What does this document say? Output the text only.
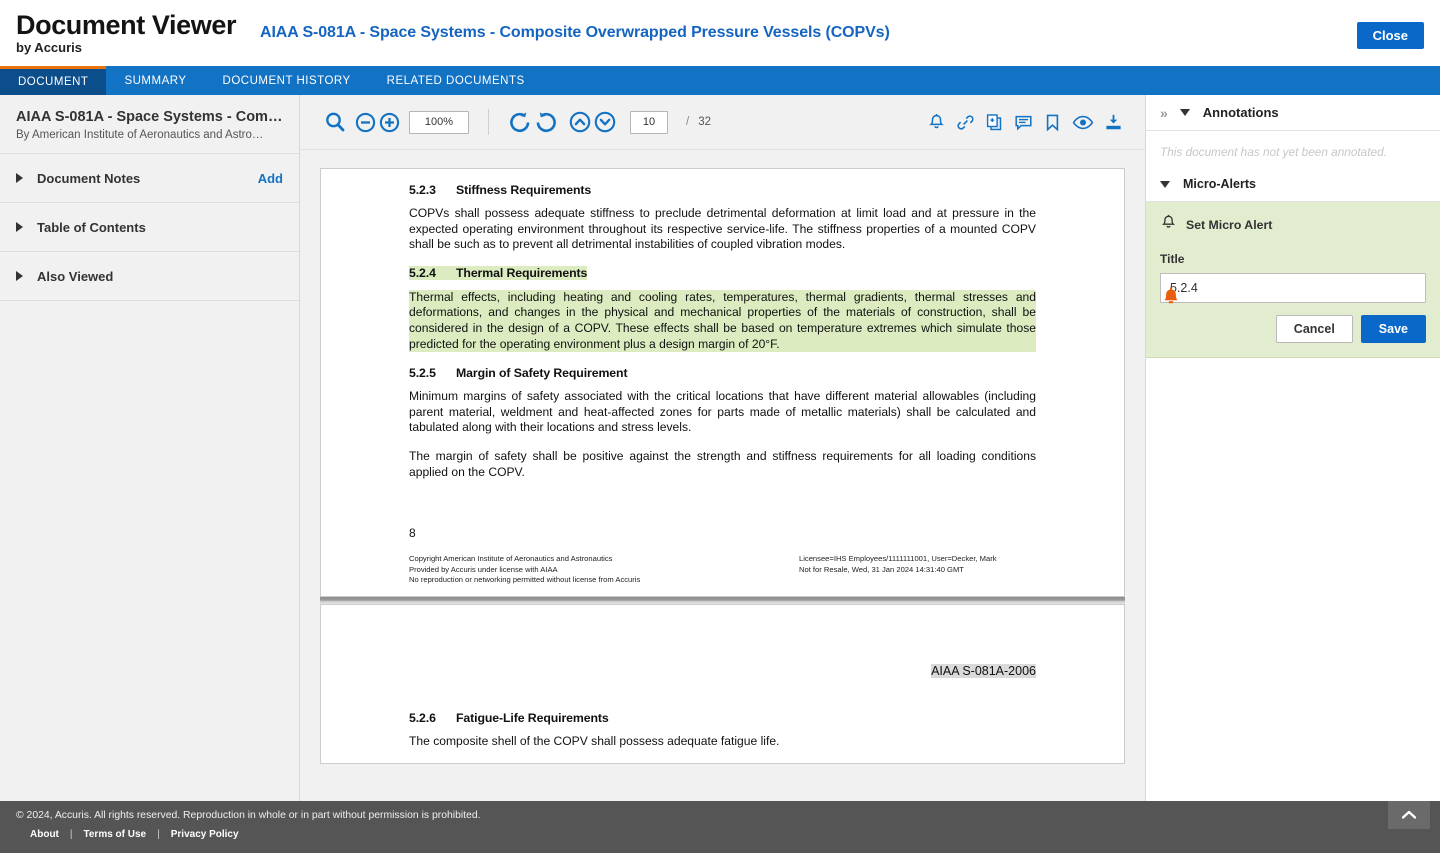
Document Viewer
by Accuris
AIAA S-081A - Space Systems - Composite Overwrapped Pressure Vessels (COPVs)	Close
DOCUMENT	SUMMARY	DOCUMENT HISTORY	RELATED DOCUMENTS
AIAA S-081A - Space Systems - Com…
By American Institute of Aeronautics and Astro…
Document Notes	Add
Table of Contents
Also Viewed
100%
10
/ 32
5.2.3 Stiffness Requirements

COPVs shall possess adequate stiffness to preclude detrimental deformation at limit load and at pressure in the expected operating environment throughout its respective service-life. The stiffness properties of a mounted COPV shall be such as to prevent all detrimental instabilities of coupled vibration modes.

5.2.4 Thermal Requirements

Thermal effects, including heating and cooling rates, temperatures, thermal gradients, thermal stresses and deformations, and changes in the physical and mechanical properties of the materials of construction, shall be considered in the design of a COPV. These effects shall be based on temperature extremes which simulate those predicted for the operating environment plus a design margin of 20°F.

5.2.5 Margin of Safety Requirement

Minimum margins of safety associated with the critical locations that have different material allowables (including parent material, weldment and heat-affected zones for parts made of metallic materials) shall be calculated and tabulated along with their locations and stress levels.

The margin of safety shall be positive against the strength and stiffness requirements for all loading conditions applied on the COPV.

8
Copyright American Institute of Aeronautics and Astronautics
Provided by Accuris under license with AIAA
No reproduction or networking permitted without license from Accuris
Licensee=IHS Employees/1111111001, User=Decker, Mark
Not for Resale, Wed, 31 Jan 2024 14:31:40 GMT
AIAA S-081A-2006
5.2.6 Fatigue-Life Requirements

The composite shell of the COPV shall possess adequate fatigue life.

»	Annotations
This document has not yet been annotated.
Micro-Alerts
Set Micro Alert
Title
5.2.4
Cancel	Save
© 2024, Accuris. All rights reserved. Reproduction in whole or in part without permission is prohibited.
About | Terms of Use | Privacy Policy
